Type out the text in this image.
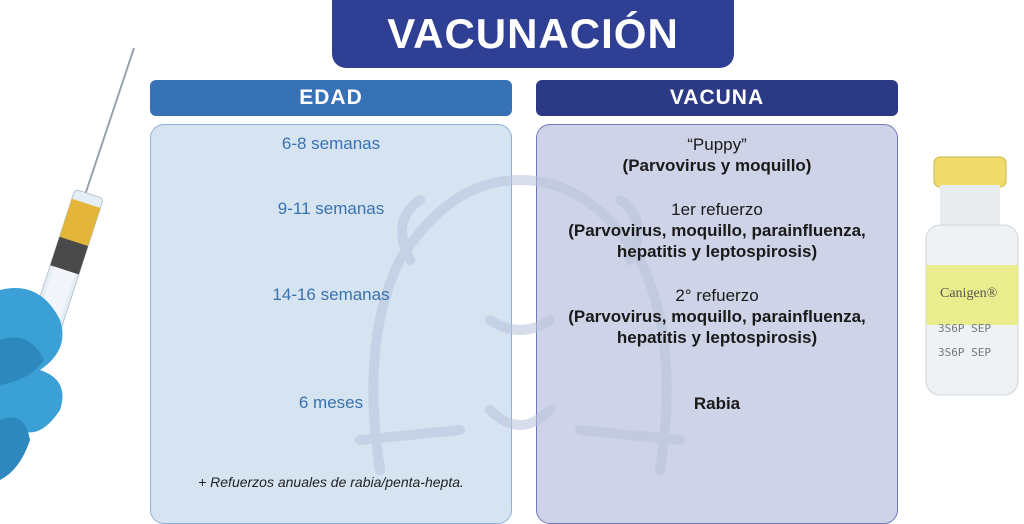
VACUNACIÓN
EDAD	VACUNA
6-8 semanas
9-11 semanas
14-16 semanas
6 meses
“Puppy”
(Parvovirus y moquillo)
1er refuerzo
(Parvovirus, moquillo, parainfluenza, hepatitis y leptospirosis)
2° refuerzo
(Parvovirus, moquillo, parainfluenza, hepatitis y leptospirosis)
Rabia
+ Refuerzos anuales de rabia/penta-hepta.
Canigen®
3S6P SEP
3S6P SEP
